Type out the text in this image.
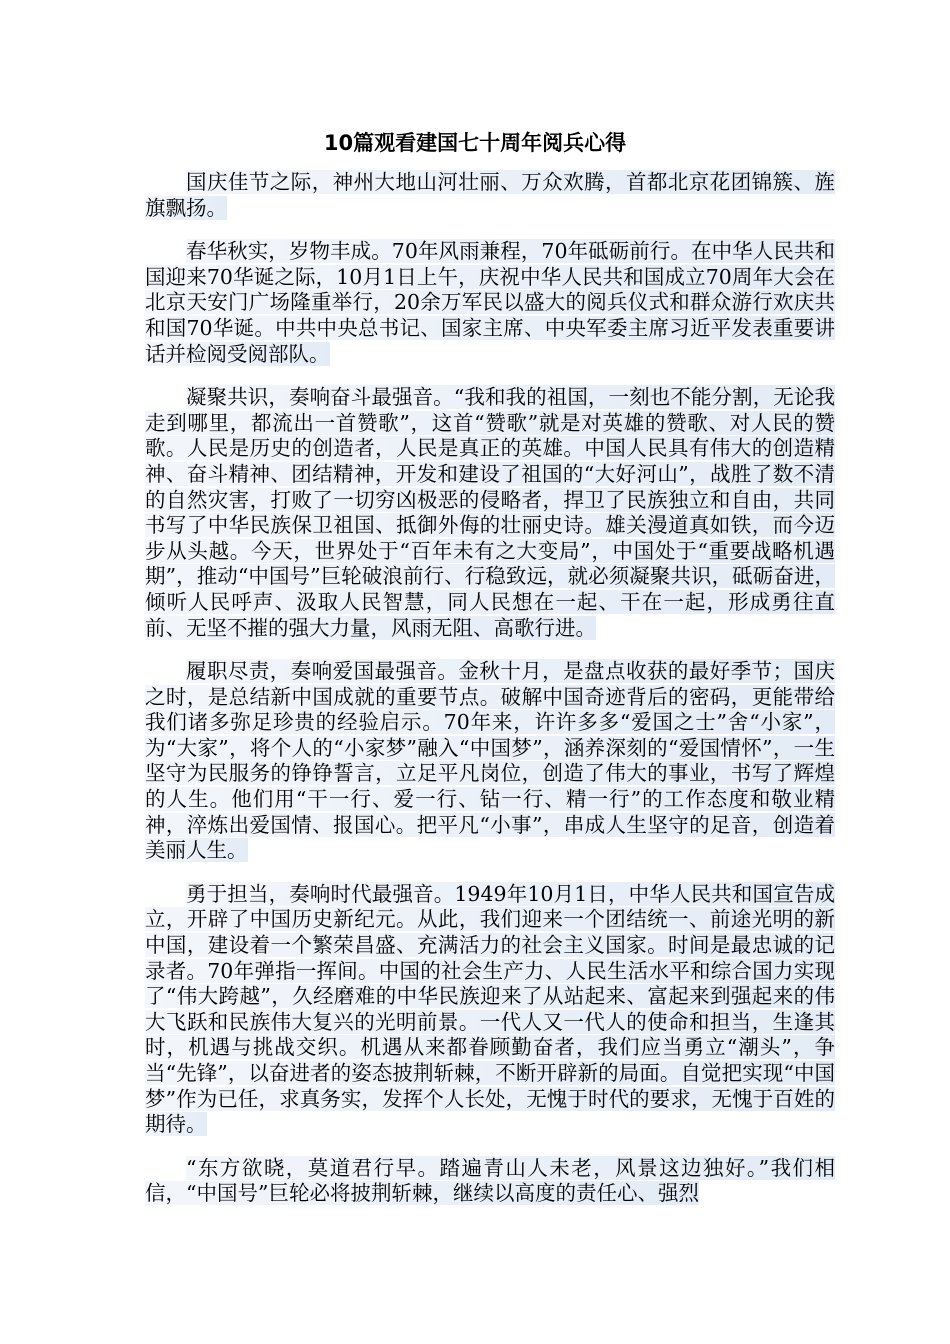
10篇观看建国七十周年阅兵心得

国庆佳节之际，神州大地山河壮丽、万众欢腾，首都北京花团锦簇、旌旗飘扬。

春华秋实，岁物丰成。70年风雨兼程，70年砥砺前行。在中华人民共和国迎来70华诞之际，10月1日上午，庆祝中华人民共和国成立70周年大会在北京天安门广场隆重举行，20余万军民以盛大的阅兵仪式和群众游行欢庆共和国70华诞。中共中央总书记、国家主席、中央军委主席习近平发表重要讲话并检阅受阅部队。

凝聚共识，奏响奋斗最强音。“我和我的祖国，一刻也不能分割，无论我走到哪里，都流出一首赞歌”，这首“赞歌”就是对英雄的赞歌、对人民的赞歌。人民是历史的创造者，人民是真正的英雄。中国人民具有伟大的创造精神、奋斗精神、团结精神，开发和建设了祖国的“大好河山”，战胜了数不清的自然灾害，打败了一切穷凶极恶的侵略者，捍卫了民族独立和自由，共同书写了中华民族保卫祖国、抵御外侮的壮丽史诗。雄关漫道真如铁，而今迈步从头越。今天，世界处于“百年未有之大变局”，中国处于“重要战略机遇期”，推动“中国号”巨轮破浪前行、行稳致远，就必须凝聚共识，砥砺奋进，倾听人民呼声、汲取人民智慧，同人民想在一起、干在一起，形成勇往直前、无坚不摧的强大力量，风雨无阻、高歌行进。

履职尽责，奏响爱国最强音。金秋十月，是盘点收获的最好季节；国庆之时，是总结新中国成就的重要节点。破解中国奇迹背后的密码，更能带给我们诸多弥足珍贵的经验启示。70年来，许许多多“爱国之士”舍“小家”，为“大家”，将个人的“小家梦”融入“中国梦”，涵养深刻的“爱国情怀”，一生坚守为民服务的铮铮誓言，立足平凡岗位，创造了伟大的事业，书写了辉煌的人生。他们用“干一行、爱一行、钻一行、精一行”的工作态度和敬业精神，淬炼出爱国情、报国心。把平凡“小事”，串成人生坚守的足音，创造着美丽人生。

勇于担当，奏响时代最强音。1949年10月1日，中华人民共和国宣告成立，开辟了中国历史新纪元。从此，我们迎来一个团结统一、前途光明的新中国，建设着一个繁荣昌盛、充满活力的社会主义国家。时间是最忠诚的记录者。70年弹指一挥间。中国的社会生产力、人民生活水平和综合国力实现了“伟大跨越”，久经磨难的中华民族迎来了从站起来、富起来到强起来的伟大飞跃和民族伟大复兴的光明前景。一代人又一代人的使命和担当，生逢其时，机遇与挑战交织。机遇从来都眷顾勤奋者，我们应当勇立“潮头”，争当“先锋”，以奋进者的姿态披荆斩棘，不断开辟新的局面。自觉把实现“中国梦”作为已任，求真务实，发挥个人长处，无愧于时代的要求，无愧于百姓的期待。

“东方欲晓，莫道君行早。踏遍青山人未老，风景这边独好。”我们相信，“中国号”巨轮必将披荆斩棘，继续以高度的责任心、强烈
